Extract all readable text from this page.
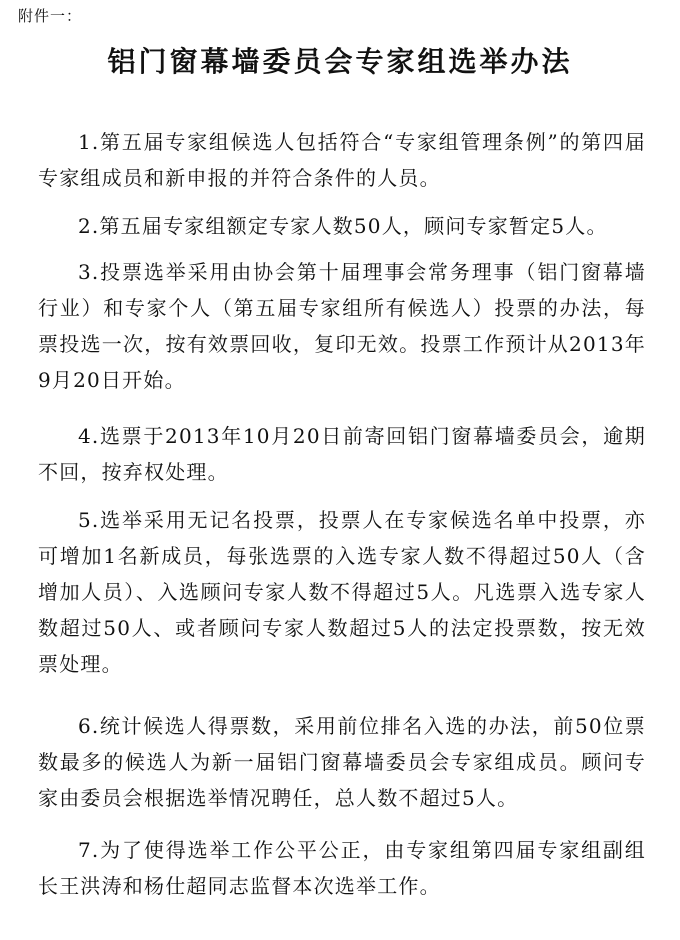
附件一：
铝门窗幕墙委员会专家组选举办法

1.第五届专家组候选人包括符合“专家组管理条例”的第四届专家组成员和新申报的并符合条件的人员。

2.第五届专家组额定专家人数50人，顾问专家暂定5人。

3.投票选举采用由协会第十届理事会常务理事（铝门窗幕墙行业）和专家个人（第五届专家组所有候选人）投票的办法，每票投选一次，按有效票回收，复印无效。投票工作预计从2013年9月20日开始。

4.选票于2013年10月20日前寄回铝门窗幕墙委员会，逾期不回，按弃权处理。

5.选举采用无记名投票，投票人在专家候选名单中投票，亦可增加1名新成员，每张选票的入选专家人数不得超过50人（含增加人员）、入选顾问专家人数不得超过5人。凡选票入选专家人数超过50人、或者顾问专家人数超过5人的法定投票数，按无效票处理。

6.统计候选人得票数，采用前位排名入选的办法，前50位票数最多的候选人为新一届铝门窗幕墙委员会专家组成员。顾问专家由委员会根据选举情况聘任，总人数不超过5人。

7.为了使得选举工作公平公正，由专家组第四届专家组副组长王洪涛和杨仕超同志监督本次选举工作。
